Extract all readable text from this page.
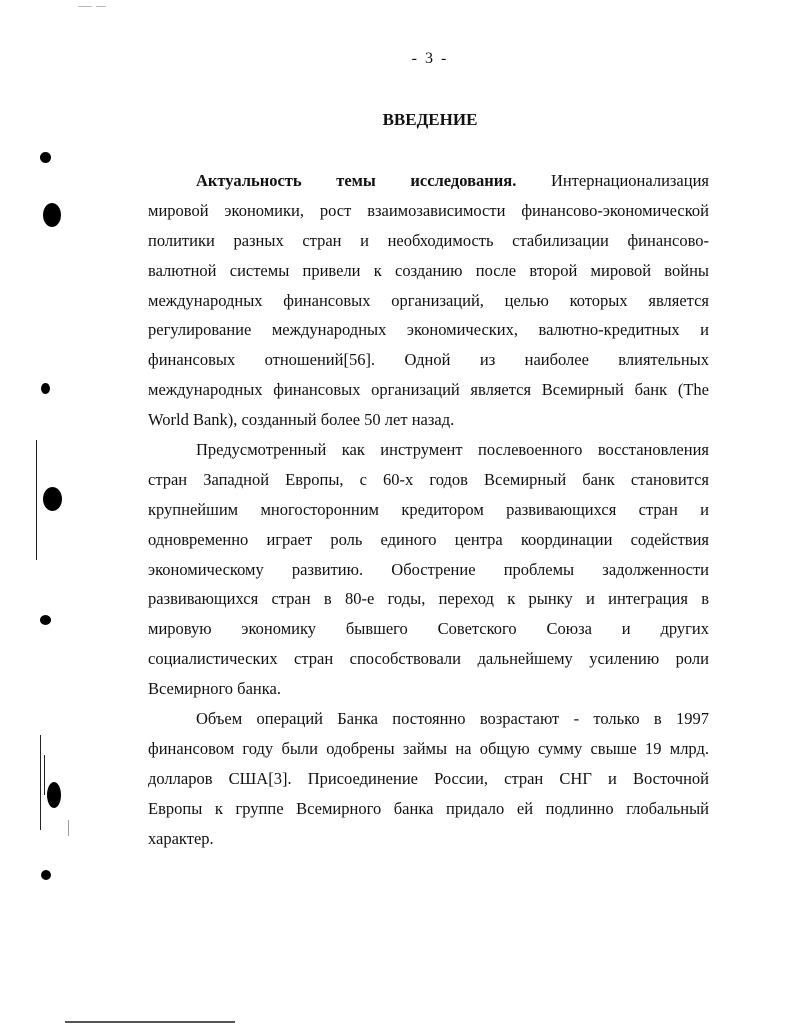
- 3 -
ВВЕДЕНИЕ
Актуальность темы исследования. Интернационализация
мировой экономики, рост взаимозависимости финансово-экономической
политики разных стран и необходимость стабилизации финансово-
валютной системы привели к созданию после второй мировой войны
международных финансовых организаций, целью которых является
регулирование международных экономических, валютно-кредитных и
финансовых отношений[56]. Одной из наиболее влиятельных
международных финансовых организаций является Всемирный банк (The
World Bank), созданный более 50 лет назад.
Предусмотренный как инструмент послевоенного восстановления
стран Западной Европы, с 60-х годов Всемирный банк становится
крупнейшим многосторонним кредитором развивающихся стран и
одновременно играет роль единого центра координации содействия
экономическому развитию. Обострение проблемы задолженности
развивающихся стран в 80-е годы, переход к рынку и интеграция в
мировую экономику бывшего Советского Союза и других
социалистических стран способствовали дальнейшему усилению роли
Всемирного банка.
Объем операций Банка постоянно возрастают - только в 1997
финансовом году были одобрены займы на общую сумму свыше 19 млрд.
долларов США[3]. Присоединение России, стран СНГ и Восточной
Европы к группе Всемирного банка придало ей подлинно глобальный
характер.
